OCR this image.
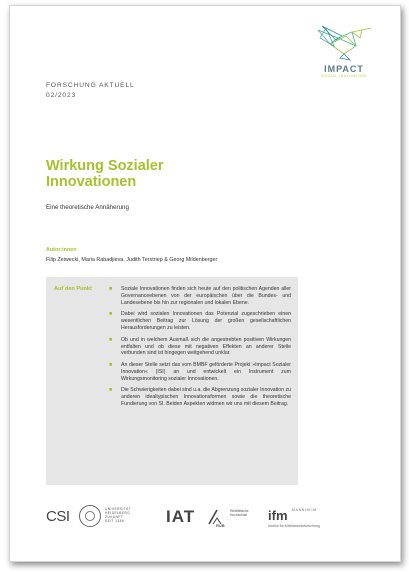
IMPACT
SOCIAL INNOVATION
FORSCHUNG AKTUELL
02/2023
Wirkung Sozialer
Innovationen
Eine theoretische Annäherung
Autor:innen
Filip Zeiwecki, Maria Rabadjieva, Judith Terstriep & Georg Mildenberger
Auf den Punkt	■ Soziale Innovationen finden sich heute auf den politischen Agenden aller Governanceebenen von der europäischen über die Bundes- und Landesebene bis hin zur regionalen und lokalen Ebene.
■ Dabei wird sozialen Innovationen das Potenzial zugeschrieben einen wesentlichen Beitrag zur Lösung der großen gesellschaftlichen Herausforderungen zu leisten.
■ Ob und in welchem Ausmaß sich die angestrebten positiven Wirkungen entfalten und ob diese mit negativen Effekten an anderer Stelle verbunden sind ist hingegen weitgehend unklar.
■ An dieser Stelle setzt das vom BMBF geförderte Projekt »Impact Sozialer Innovation« (ISI) an und entwickelt ein Instrument zum Wirkungsmonitoring sozialer Innovationen.
■ Die Schwierigkeiten dabei sind u.a. die Abgrenzung sozialer Innovation zu anderen idealtypischen Innovationsformen sowie die theoretische Fundierung von SI. Beiden Aspekten widmen wir uns mit diesem Beitrag.
CSI	UNIVERSITÄT
HEIDELBERG
ZUKUNFT
SEIT 1386	IAT	Westfälische
Hochschule
RUB
ifm MANNHEIM
Institut für Mittelstandsforschung
